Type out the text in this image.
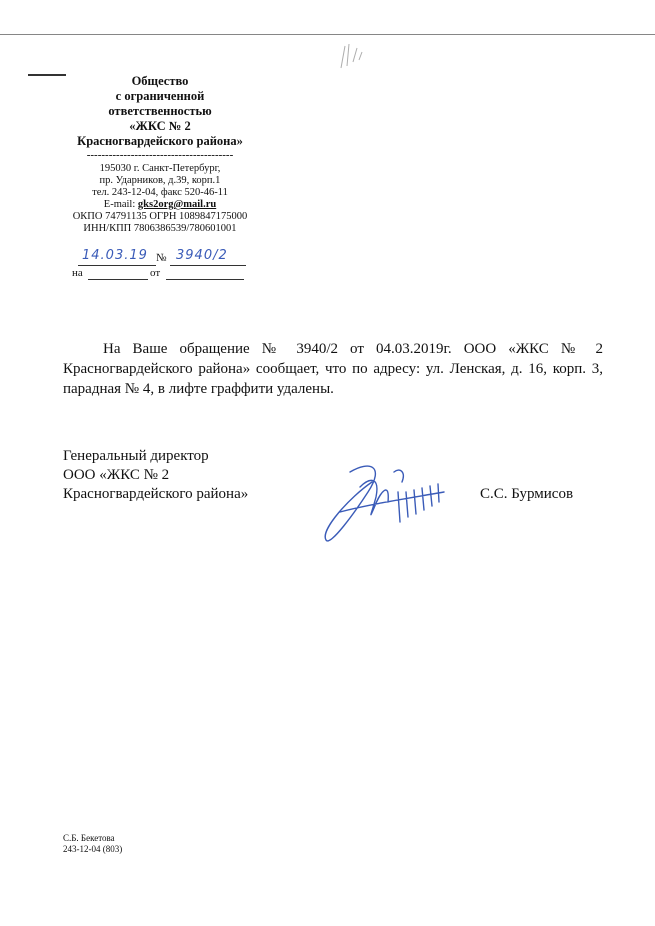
Общество
с ограниченной
ответственностью
«ЖКС № 2
Красногвардейского района»
----------------------------------------
195030 г. Санкт-Петербург,
пр. Ударников, д.39, корп.1
тел. 243-12-04, факс 520-46-11
E-mail: gks2org@mail.ru
ОКПО 74791135 ОГРН 1089847175000
ИНН/КПП 7806386539/780601001
14.03.19 № 3940/2
на	от
На Ваше обращение № 3940/2 от 04.03.2019г. ООО «ЖКС № 2 Красногвардейского района» сообщает, что по адресу: ул. Ленская, д. 16, корп. 3, парадная № 4, в лифте граффити удалены.
Генеральный директор
ООО «ЖКС № 2
Красногвардейского района»	С.С. Бурмисов
С.Б. Бекетова
243-12-04 (803)
